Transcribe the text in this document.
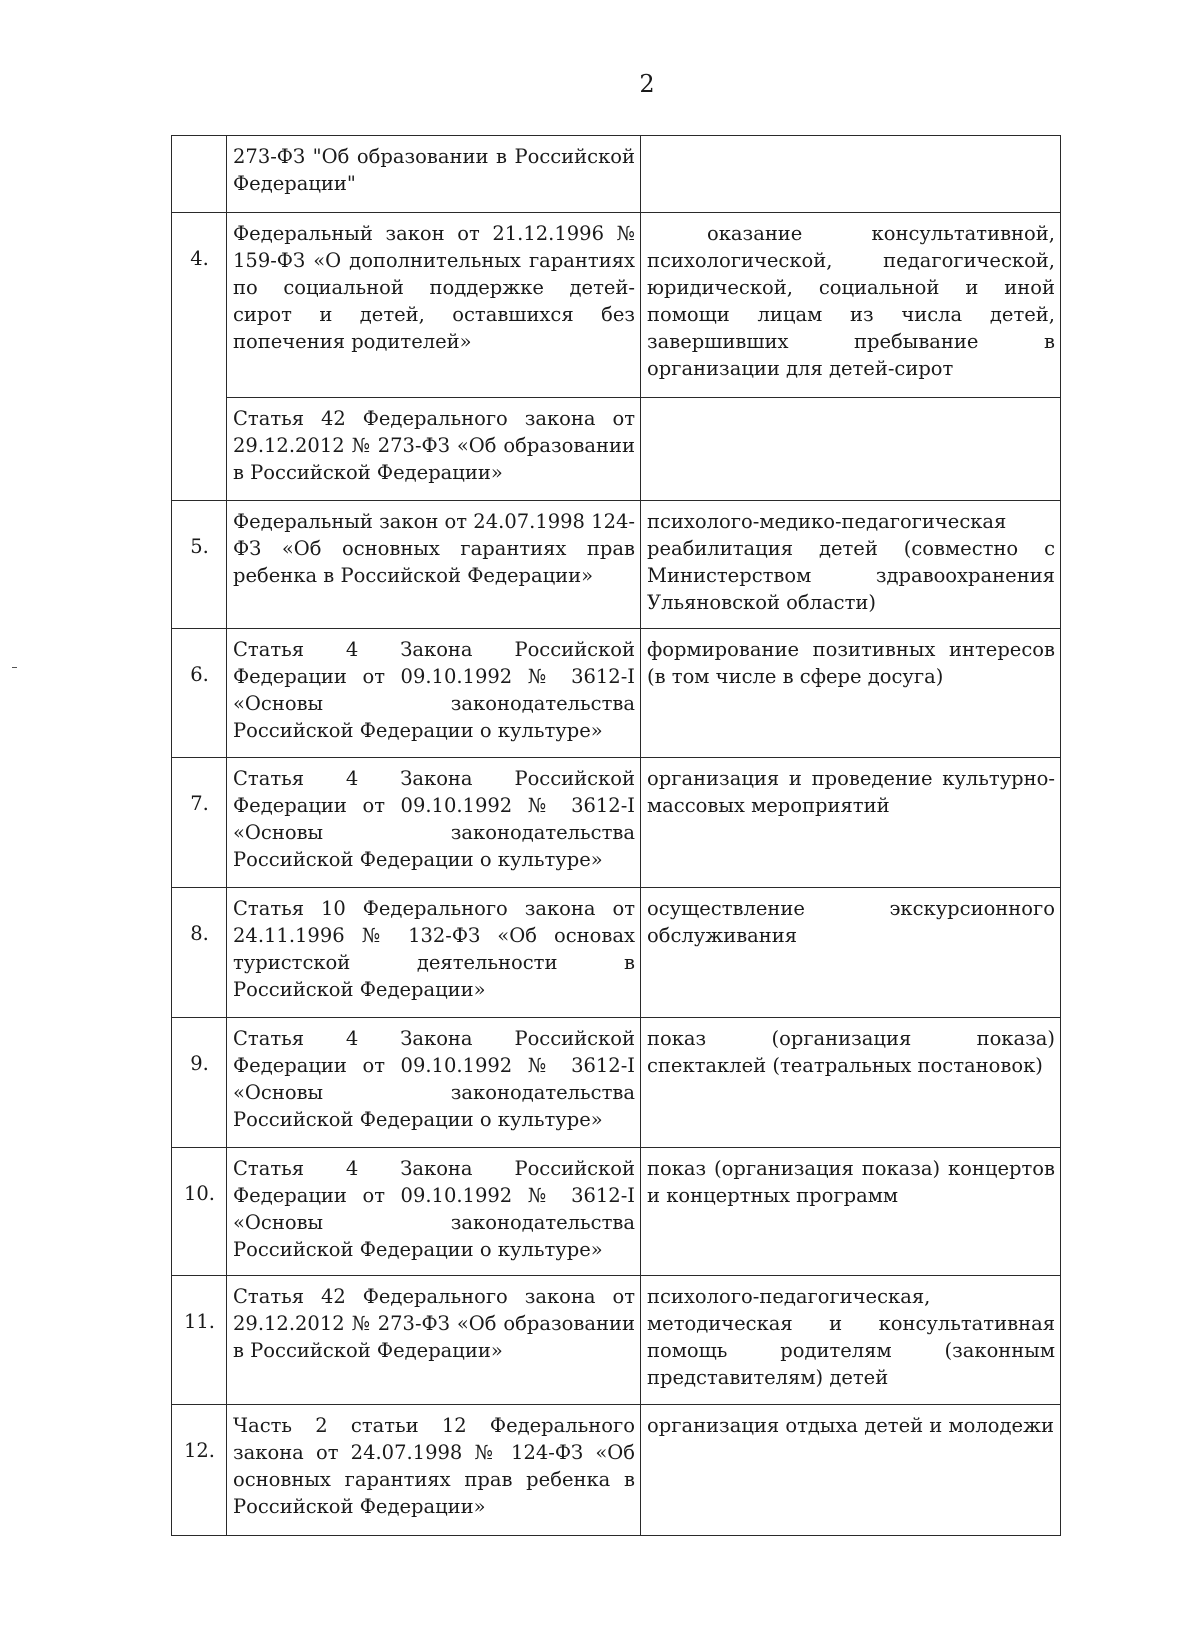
2
	273-ФЗ "Об образовании в Российской Федерации"	
4.	Федеральный закон от 21.12.1996 № 159-ФЗ «О дополнительных гарантиях по социальной поддержке детей-сирот и детей, оставшихся без попечения родителей»	оказание консультативной, психологической, педагогической, юридической, социальной и иной помощи лицам из числа детей, завершивших пребывание в организации для детей-сирот
	Статья 42 Федерального закона от 29.12.2012 № 273-ФЗ «Об образовании в Российской Федерации»	
5.	Федеральный закон от 24.07.1998 124-ФЗ «Об основных гарантиях прав ребенка в Российской Федерации»	психолого-медико-педагогическая реабилитация детей (совместно с Министерством здравоохранения Ульяновской области)
6.	Статья 4 Закона Российской Федерации от 09.10.1992 № 3612-I «Основы законодательства Российской Федерации о культуре»	формирование позитивных интересов (в том числе в сфере досуга)
7.	Статья 4 Закона Российской Федерации от 09.10.1992 № 3612-I «Основы законодательства Российской Федерации о культуре»	организация и проведение культурно-массовых мероприятий
8.	Статья 10 Федерального закона от 24.11.1996 № 132-ФЗ «Об основах туристской деятельности в Российской Федерации»	осуществление экскурсионного обслуживания
9.	Статья 4 Закона Российской Федерации от 09.10.1992 № 3612-I «Основы законодательства Российской Федерации о культуре»	показ (организация показа) спектаклей (театральных постановок)
10.	Статья 4 Закона Российской Федерации от 09.10.1992 № 3612-I «Основы законодательства Российской Федерации о культуре»	показ (организация показа) концертов и концертных программ
11.	Статья 42 Федерального закона от 29.12.2012 № 273-ФЗ «Об образовании в Российской Федерации»	психолого-педагогическая, методическая и консультативная помощь родителям (законным представителям) детей
12.	Часть 2 статьи 12 Федерального закона от 24.07.1998 № 124-ФЗ «Об основных гарантиях прав ребенка в Российской Федерации»	организация отдыха детей и молодежи
